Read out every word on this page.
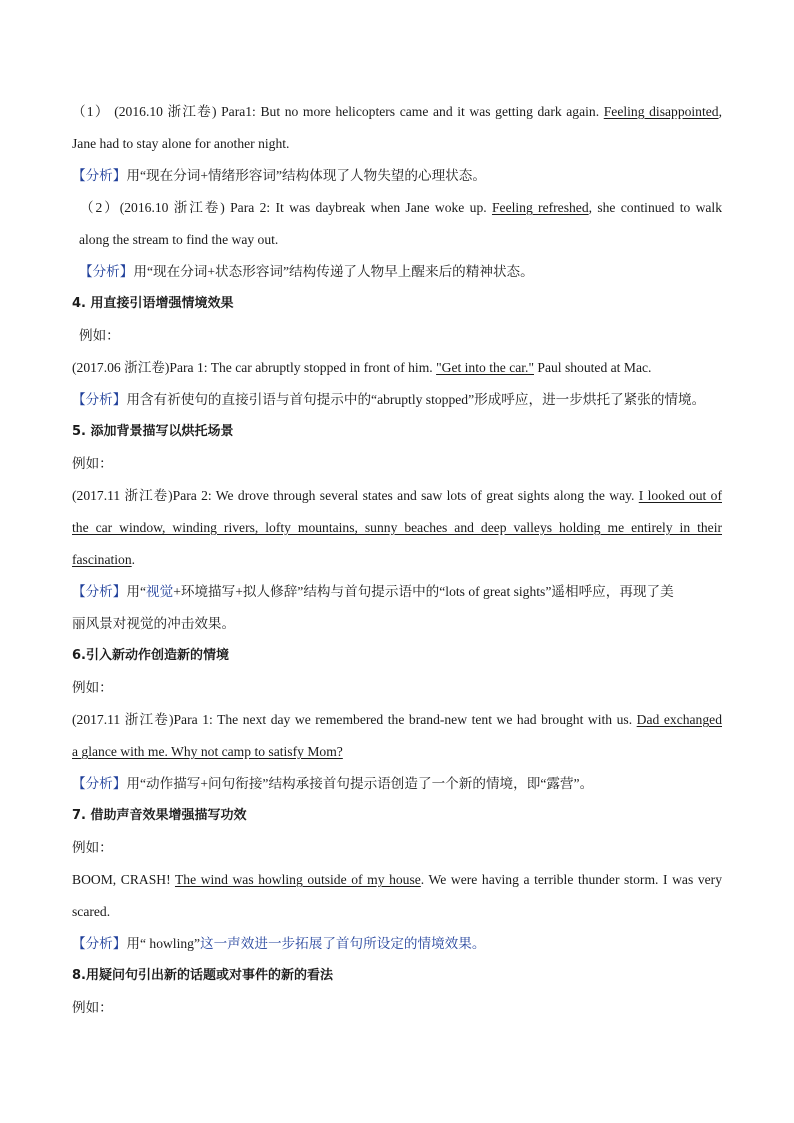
（1） (2016.10 浙江卷) Para1: But no more helicopters came and it was getting dark again. Feeling disappointed,
Jane had to stay alone for another night.
【分析】用“现在分词+情绪形容词”结构体现了人物失望的心理状态。
（2）(2016.10 浙江卷) Para 2: It was daybreak when Jane woke up. Feeling refreshed, she continued to walk
along the stream to find the way out.
【分析】用“现在分词+状态形容词”结构传递了人物早上醒来后的精神状态。
4. 用直接引语增强情境效果
例如：
(2017.06 浙江卷)Para 1: The car abruptly stopped in front of him. "Get into the car." Paul shouted at Mac.
【分析】用含有祈使句的直接引语与首句提示中的“abruptly stopped”形成呼应，进一步烘托了紧张的情境。
5. 添加背景描写以烘托场景
例如：
(2017.11 浙江卷)Para 2: We drove through several states and saw lots of great sights along the way. I looked out of
the car window, winding rivers, lofty mountains, sunny beaches and deep valleys holding me entirely in their
fascination.
【分析】用“视觉+环境描写+拟人修辞”结构与首句提示语中的“lots of great sights”遥相呼应，再现了美
丽风景对视觉的冲击效果。
6.引入新动作创造新的情境
例如：
(2017.11 浙江卷)Para 1: The next day we remembered the brand-new tent we had brought with us. Dad exchanged
a glance with me. Why not camp to satisfy Mom?
【分析】用“动作描写+问句衔接”结构承接首句提示语创造了一个新的情境，即“露营”。
7. 借助声音效果增强描写功效
例如：
BOOM, CRASH! The wind was howling outside of my house. We were having a terrible thunder storm. I was very
scared.
【分析】用“ howling”这一声效进一步拓展了首句所设定的情境效果。
8.用疑问句引出新的话题或对事件的新的看法
例如：
